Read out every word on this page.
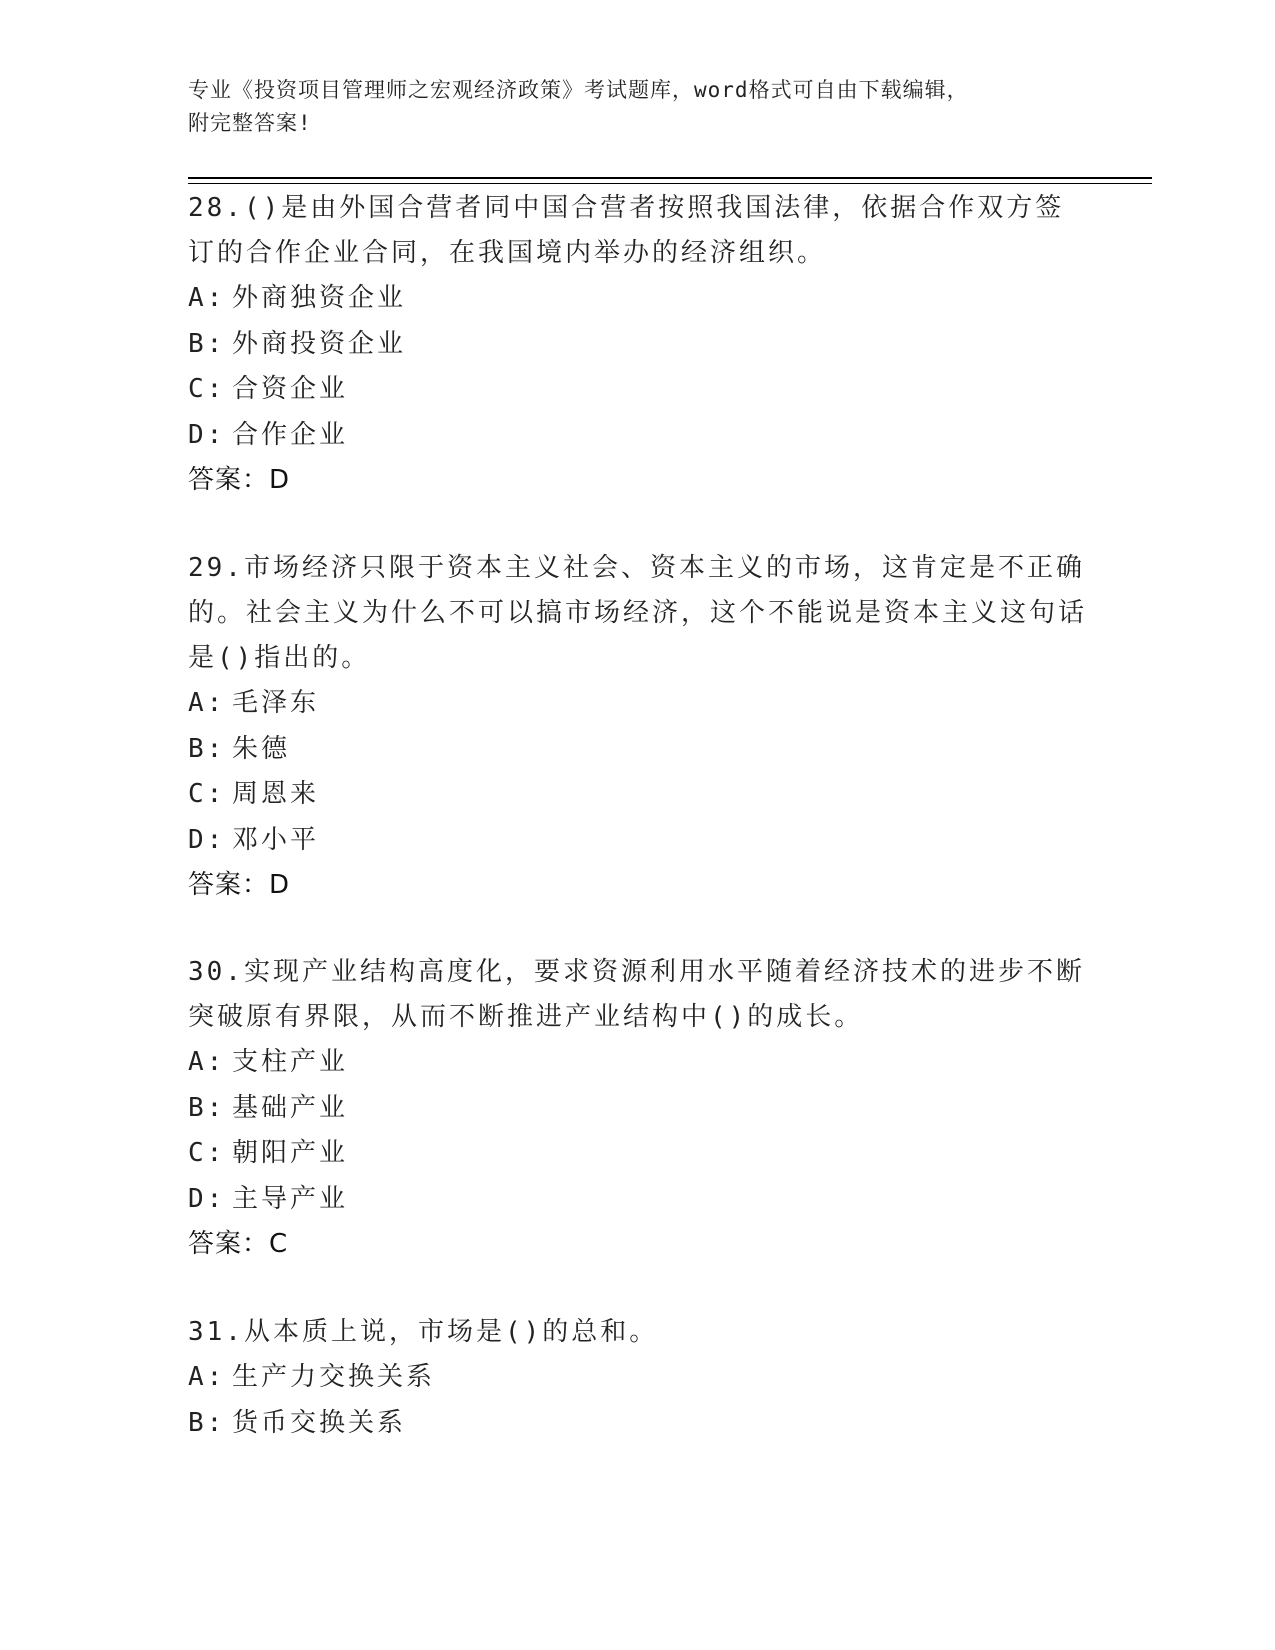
专业《投资项目管理师之宏观经济政策》考试题库，word格式可自由下载编辑，
附完整答案!

28.()是由外国合营者同中国合营者按照我国法律，依据合作双方签订的合作企业合同，在我国境内举办的经济组织。

A: 外商独资企业

B: 外商投资企业

C: 合资企业

D: 合作企业

答案：D

29.市场经济只限于资本主义社会、资本主义的市场，这肯定是不正确的。社会主义为什么不可以搞市场经济，这个不能说是资本主义这句话是()指出的。

A: 毛泽东

B: 朱德

C: 周恩来

D: 邓小平

答案：D

30.实现产业结构高度化，要求资源利用水平随着经济技术的进步不断突破原有界限，从而不断推进产业结构中()的成长。

A: 支柱产业

B: 基础产业

C: 朝阳产业

D: 主导产业

答案：C

31.从本质上说，市场是()的总和。

A: 生产力交换关系

B: 货币交换关系
